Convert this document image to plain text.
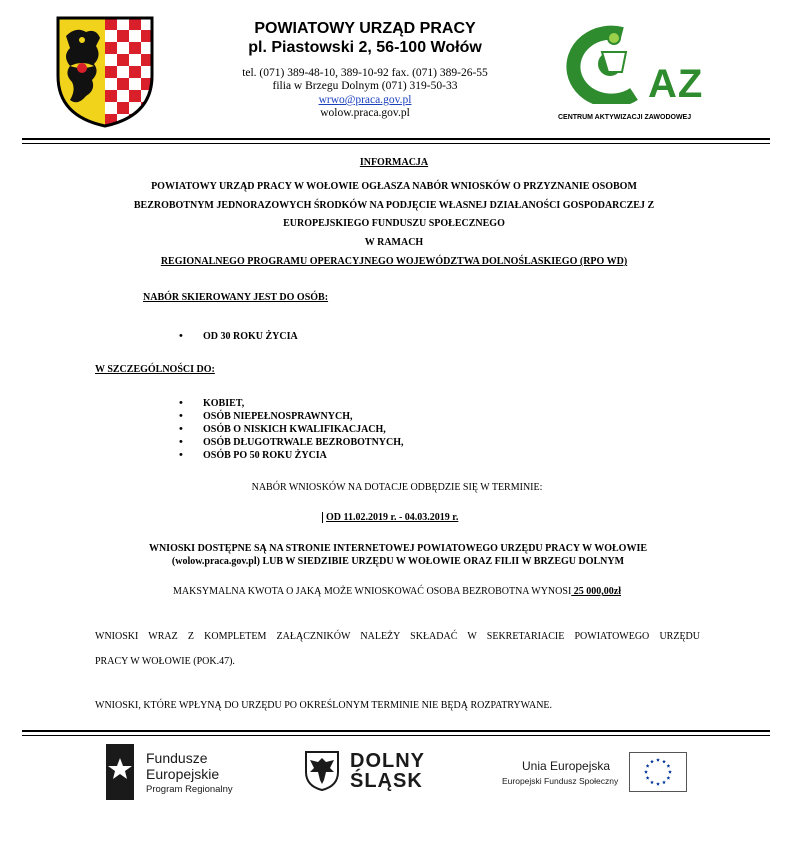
POWIATOWY URZĄD PRACY
pl. Piastowski 2, 56-100 Wołów
tel. (071) 389-48-10, 389-10-92 fax. (071) 389-26-55
filia w Brzegu Dolnym (071) 319-50-33
wrwo@praca.gov.pl
wolow.praca.gov.pl
AZ
CENTRUM AKTYWIZACJI ZAWODOWEJ
INFORMACJA
POWIATOWY URZĄD PRACY W WOŁOWIE OGŁASZA NABÓR WNIOSKÓW O PRZYZNANIE OSOBOM
BEZROBOTNYM JEDNORAZOWYCH ŚRODKÓW NA PODJĘCIE WŁASNEJ DZIAŁANOŚCI GOSPODARCZEJ Z
EUROPEJSKIEGO FUNDUSZU SPOŁECZNEGO
W RAMACH
REGIONALNEGO PROGRAMU OPERACYJNEGO WOJEWÓDZTWA DOLNOŚLASKIEGO (RPO WD)
NABÓR SKIEROWANY JEST DO OSÓB:
• OD 30 ROKU ŻYCIA
W SZCZEGÓLNOŚCI DO:
• KOBIET,
• OSÓB NIEPEŁNOSPRAWNYCH,
• OSÓB O NISKICH KWALIFIKACJACH,
• OSÓB DŁUGOTRWALE BEZROBOTNYCH,
• OSÓB PO 50 ROKU ŻYCIA
NABÓR WNIOSKÓW NA DOTACJE ODBĘDZIE SIĘ W TERMINIE:
OD 11.02.2019 r. - 04.03.2019 r.
WNIOSKI DOSTĘPNE SĄ NA STRONIE INTERNETOWEJ POWIATOWEGO URZĘDU PRACY W WOŁOWIE
(wolow.praca.gov.pl) LUB W SIEDZIBIE URZĘDU W WOŁOWIE ORAZ FILII W BRZEGU DOLNYM
MAKSYMALNA KWOTA O JAKĄ MOŻE WNIOSKOWAĆ OSOBA BEZROBOTNA WYNOSI 25 000,00zł
WNIOSKI WRAZ Z KOMPLETEM ZAŁĄCZNIKÓW NALEŻY SKŁADAĆ W SEKRETARIACIE POWIATOWEGO URZĘDU
PRACY W WOŁOWIE (POK.47).
WNIOSKI, KTÓRE WPŁYNĄ DO URZĘDU PO OKREŚLONYM TERMINIE NIE BĘDĄ ROZPATRYWANE.
Fundusze
Europejskie
Program Regionalny
DOLNY
ŚLĄSK
Unia Europejska
Europejski Fundusz Społeczny
